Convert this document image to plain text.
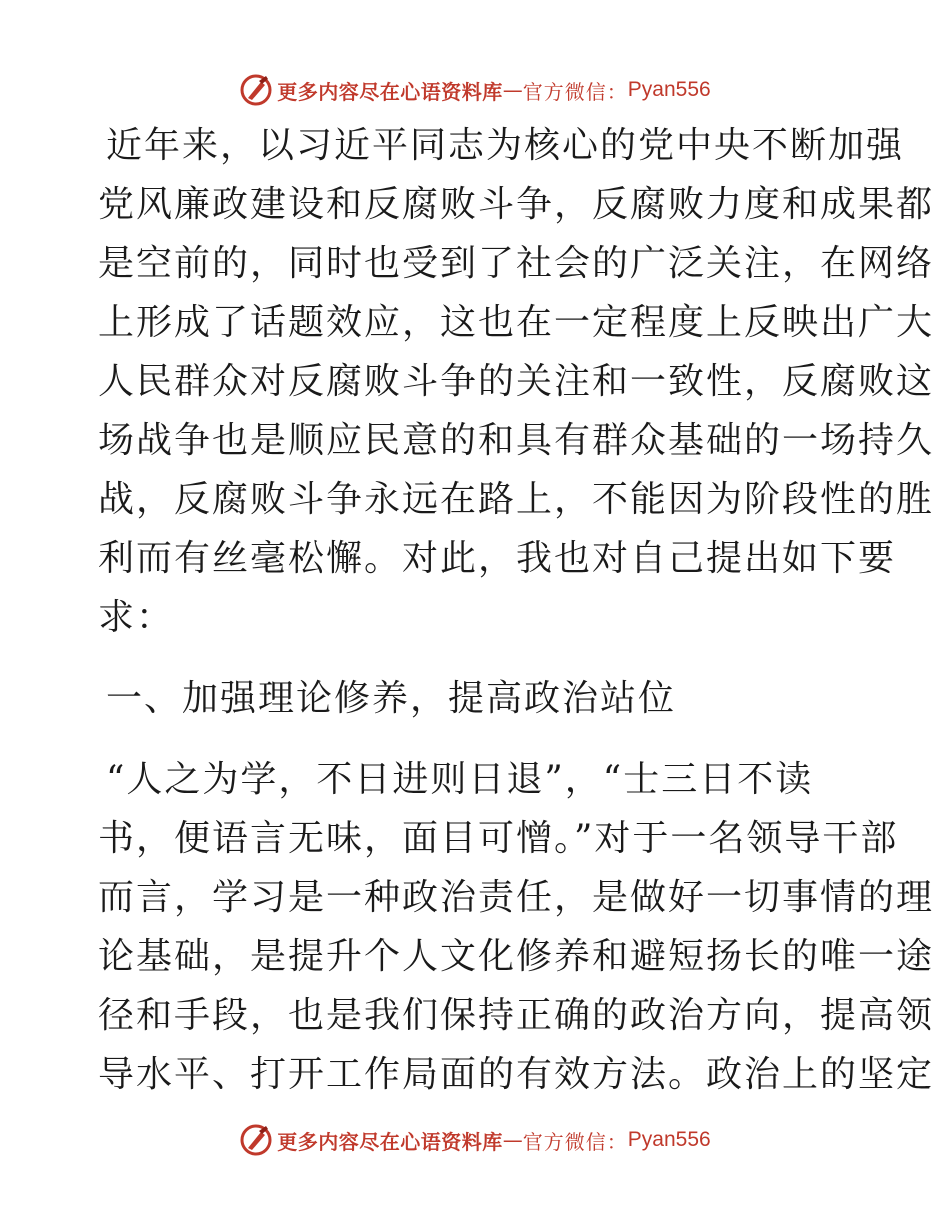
更多内容尽在心语资料库 — 官方微信： Pyan556
近年来，以习近平同志为核心的党中央不断加强
党风廉政建设和反腐败斗争，反腐败力度和成果都
是空前的，同时也受到了社会的广泛关注，在网络
上形成了话题效应，这也在一定程度上反映出广大
人民群众对反腐败斗争的关注和一致性，反腐败这
场战争也是顺应民意的和具有群众基础的一场持久
战，反腐败斗争永远在路上，不能因为阶段性的胜
利而有丝毫松懈。对此，我也对自己提出如下要
求：
一、加强理论修养，提高政治站位
“人之为学，不日进则日退”，“士三日不读
书，便语言无味，面目可憎。”对于一名领导干部
而言，学习是一种政治责任，是做好一切事情的理
论基础，是提升个人文化修养和避短扬长的唯一途
径和手段，也是我们保持正确的政治方向，提高领
导水平、打开工作局面的有效方法。政治上的坚定
更多内容尽在心语资料库 — 官方微信： Pyan556
